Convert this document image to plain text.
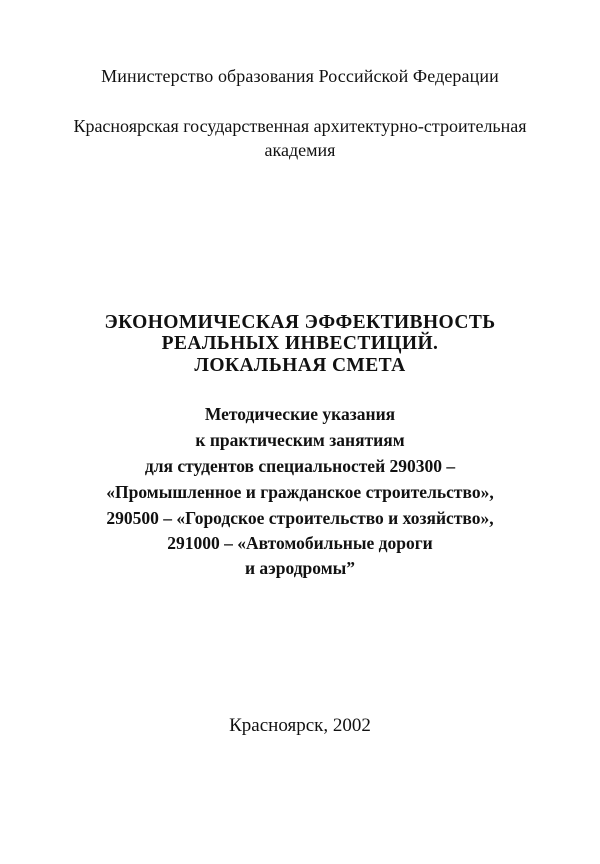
Министерство образования Российской Федерации
Красноярская государственная архитектурно-строительная
академия
ЭКОНОМИЧЕСКАЯ ЭФФЕКТИВНОСТЬ
РЕАЛЬНЫХ ИНВЕСТИЦИЙ.
ЛОКАЛЬНАЯ СМЕТА
Методические указания
к практическим занятиям
для студентов специальностей 290300 –
«Промышленное и гражданское строительство»,
290500 – «Городское строительство и хозяйство»,
291000 – «Автомобильные дороги
и аэродромы”
Красноярск, 2002
